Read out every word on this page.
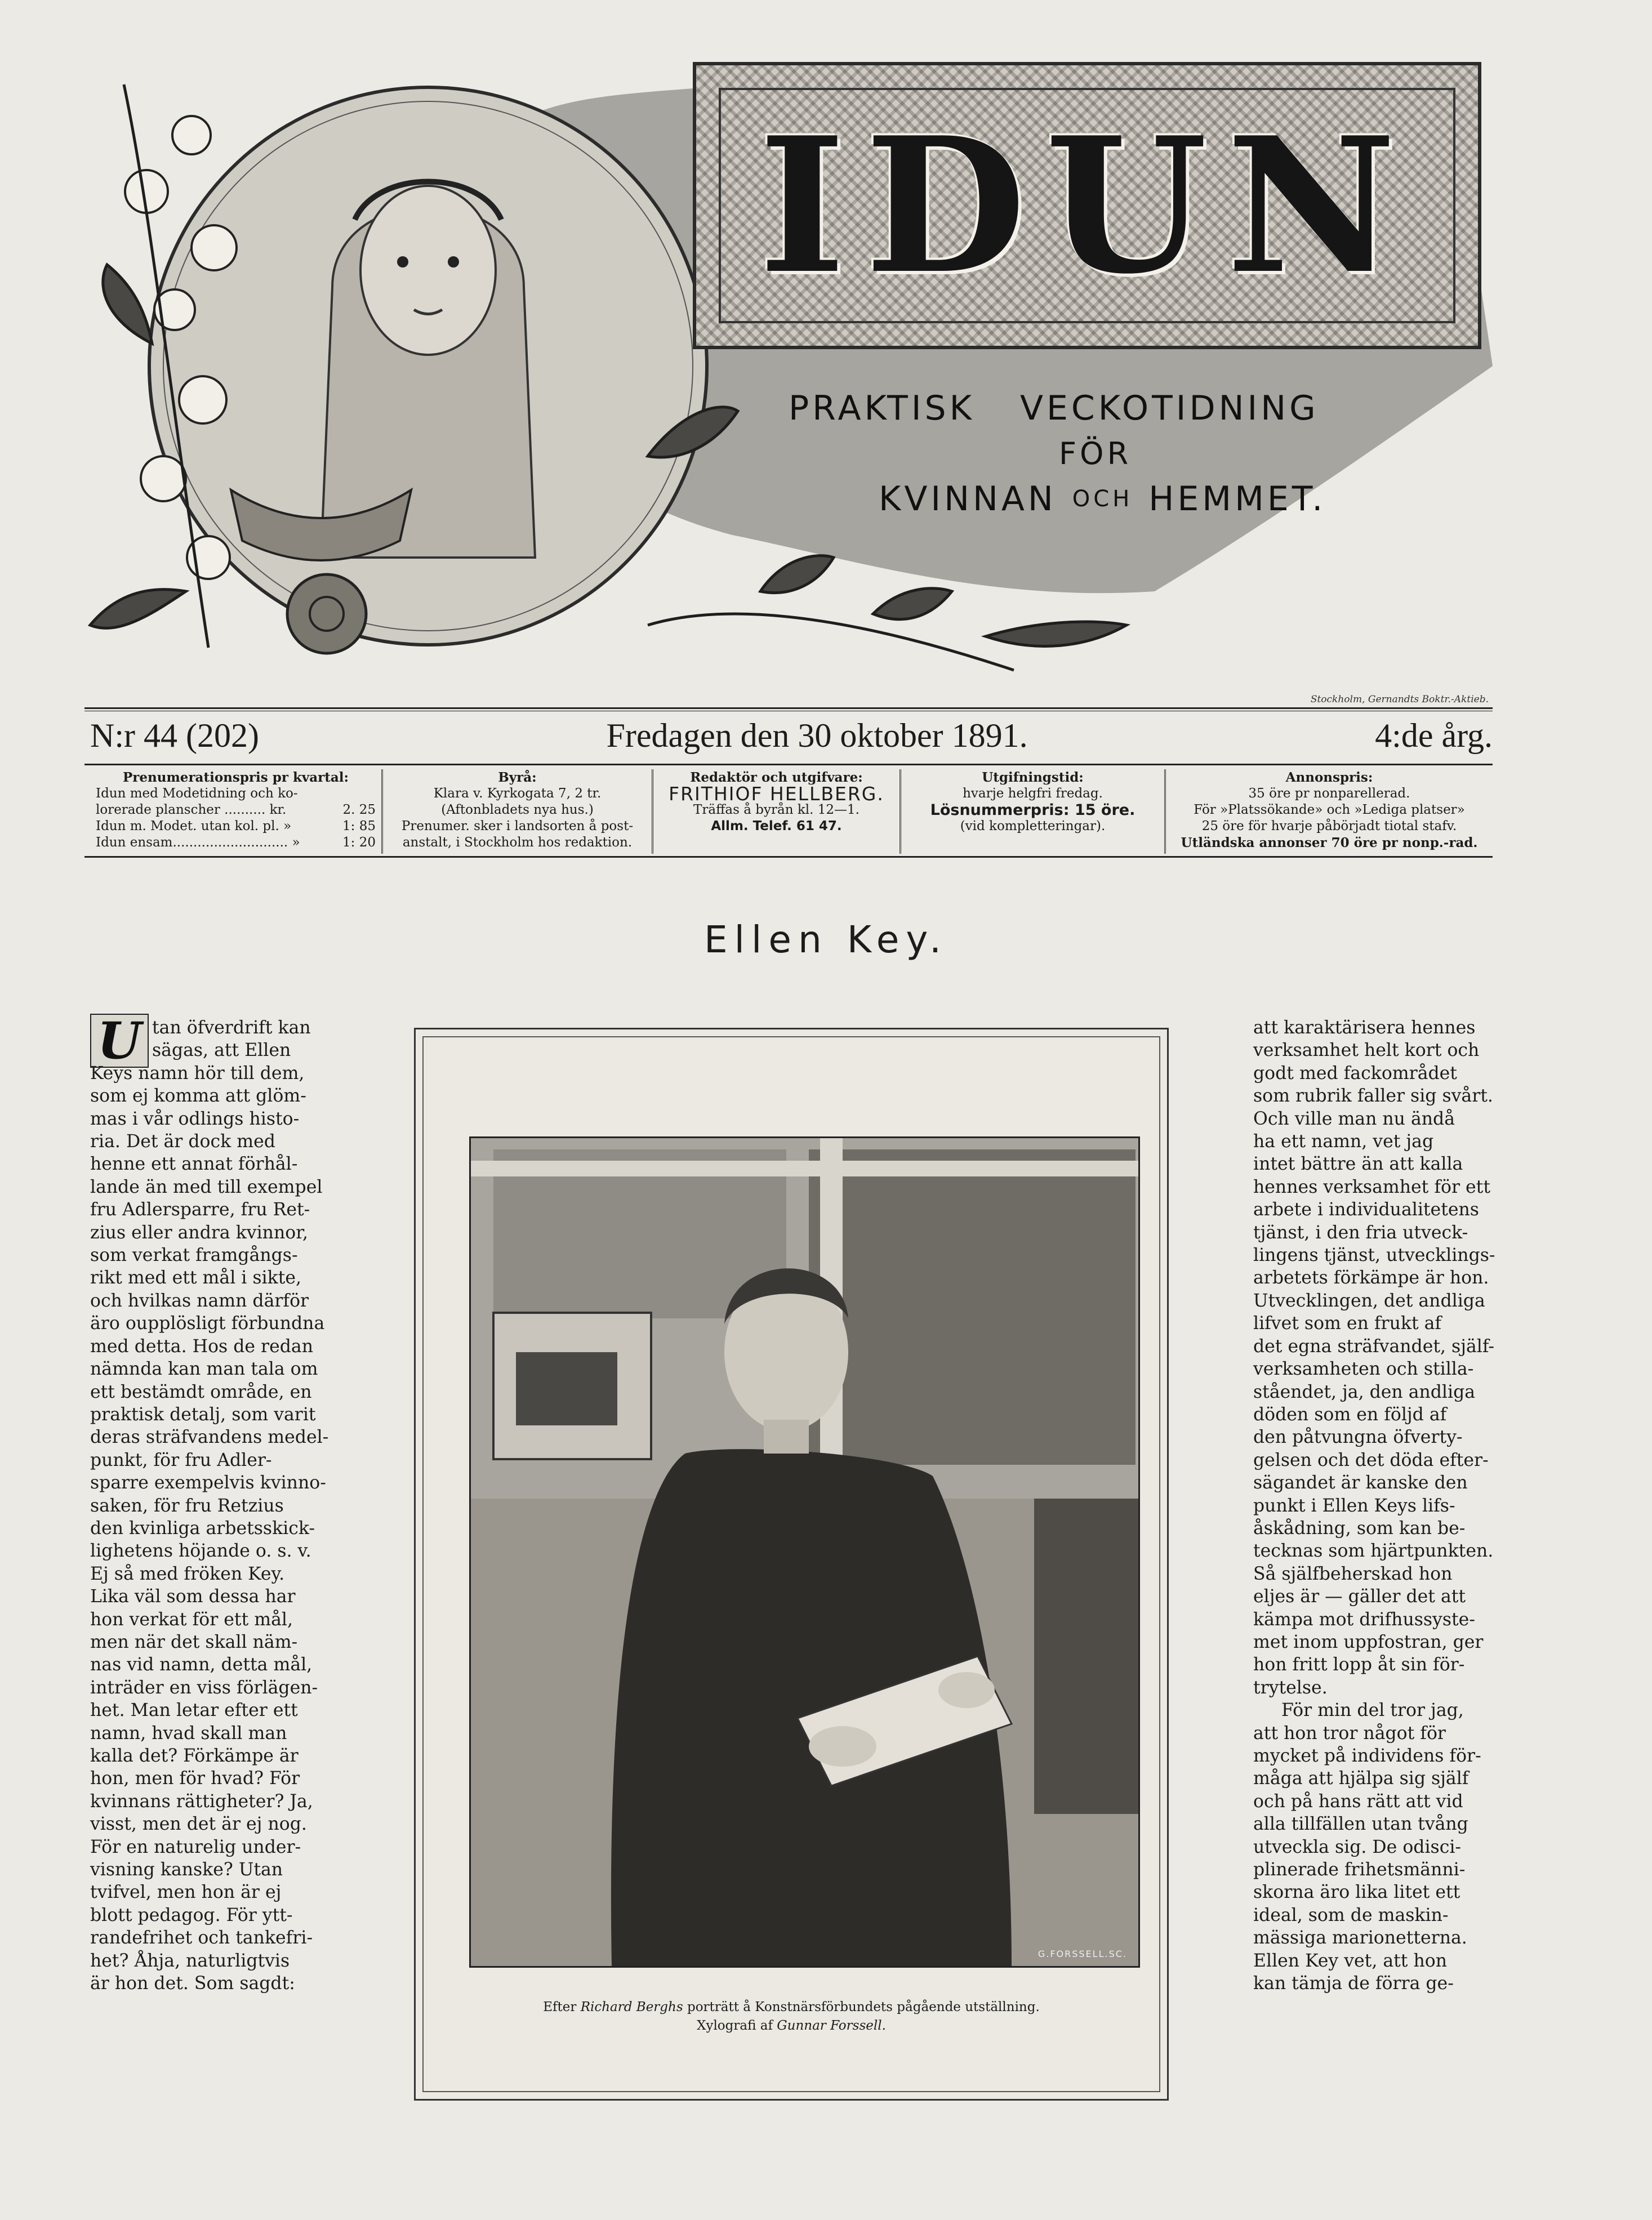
IDUN
PRAKTISK VECKOTIDNING
FÖR
KVINNAN OCH HEMMET.
Stockholm, Gernandts Boktr.-Aktieb.
N:r 44 (202)	Fredagen den 30 oktober 1891.	4:de årg.
Prenumerationspris pr kvartal:
Idun med Modetidning och ko-
lorerade planscher .......... kr.	2. 25
Idun m. Modet. utan kol. pl. »	1: 85
Idun ensam............................ »	1: 20
Byrå:
Klara v. Kyrkogata 7, 2 tr.
(Aftonbladets nya hus.)
Prenumer. sker i landsorten å post-
anstalt, i Stockholm hos redaktion.
Redaktör och utgifvare:
FRITHIOF HELLBERG.
Träffas å byrån kl. 12—1.
Allm. Telef. 61 47.
Utgifningstid:
hvarje helgfri fredag.
Lösnummerpris: 15 öre.
(vid kompletteringar).
Annonspris:
35 öre pr nonparellerad.
För »Platssökande» och »Lediga platser»
25 öre för hvarje påbörjadt tiotal stafv.
Utländska annonser 70 öre pr nonp.-rad.
Ellen Key.
U tan öfverdrift kan
sägas, att Ellen
Keys namn hör till dem,
som ej komma att glöm-
mas i vår odlings histo-
ria. Det är dock med
henne ett annat förhål-
lande än med till exempel
fru Adlersparre, fru Ret-
zius eller andra kvinnor,
som verkat framgångs-
rikt med ett mål i sikte,
och hvilkas namn därför
äro oupplösligt förbundna
med detta. Hos de redan
nämnda kan man tala om
ett bestämdt område, en
praktisk detalj, som varit
deras sträfvandens medel-
punkt, för fru Adler-
sparre exempelvis kvinno-
saken, för fru Retzius
den kvinliga arbetsskick-
lighetens höjande o. s. v.
Ej så med fröken Key.
Lika väl som dessa har
hon verkat för ett mål,
men när det skall näm-
nas vid namn, detta mål,
inträder en viss förlägen-
het. Man letar efter ett
namn, hvad skall man
kalla det? Förkämpe är
hon, men för hvad? För
kvinnans rättigheter? Ja,
visst, men det är ej nog.
För en naturelig under-
visning kanske? Utan
tvifvel, men hon är ej
blott pedagog. För ytt-
randefrihet och tankefri-
het? Åhja, naturligtvis
är hon det. Som sagdt:
att karaktärisera hennes
verksamhet helt kort och
godt med fackområdet
som rubrik faller sig svårt.
Och ville man nu ändå
ha ett namn, vet jag
intet bättre än att kalla
hennes verksamhet för ett
arbete i individualitetens
tjänst, i den fria utveck-
lingens tjänst, utvecklings-
arbetets förkämpe är hon.
Utvecklingen, det andliga
lifvet som en frukt af
det egna sträfvandet, själf-
verksamheten och stilla-
ståendet, ja, den andliga
döden som en följd af
den påtvungna öfverty-
gelsen och det döda efter-
sägandet är kanske den
punkt i Ellen Keys lifs-
åskådning, som kan be-
tecknas som hjärtpunkten.
Så själfbeherskad hon
eljes är — gäller det att
kämpa mot drifhussyste-
met inom uppfostran, ger
hon fritt lopp åt sin för-
trytelse.
För min del tror jag,
att hon tror något för
mycket på individens för-
måga att hjälpa sig själf
och på hans rätt att vid
alla tillfällen utan tvång
utveckla sig. De odisci-
plinerade frihetsmänni-
skorna äro lika litet ett
ideal, som de maskin-
mässiga marionetterna.
Ellen Key vet, att hon
kan tämja de förra ge-
G.FORSSELL.SC.
Efter Richard Berghs porträtt å Konstnärsförbundets pågående utställning.
Xylografi af Gunnar Forssell.
